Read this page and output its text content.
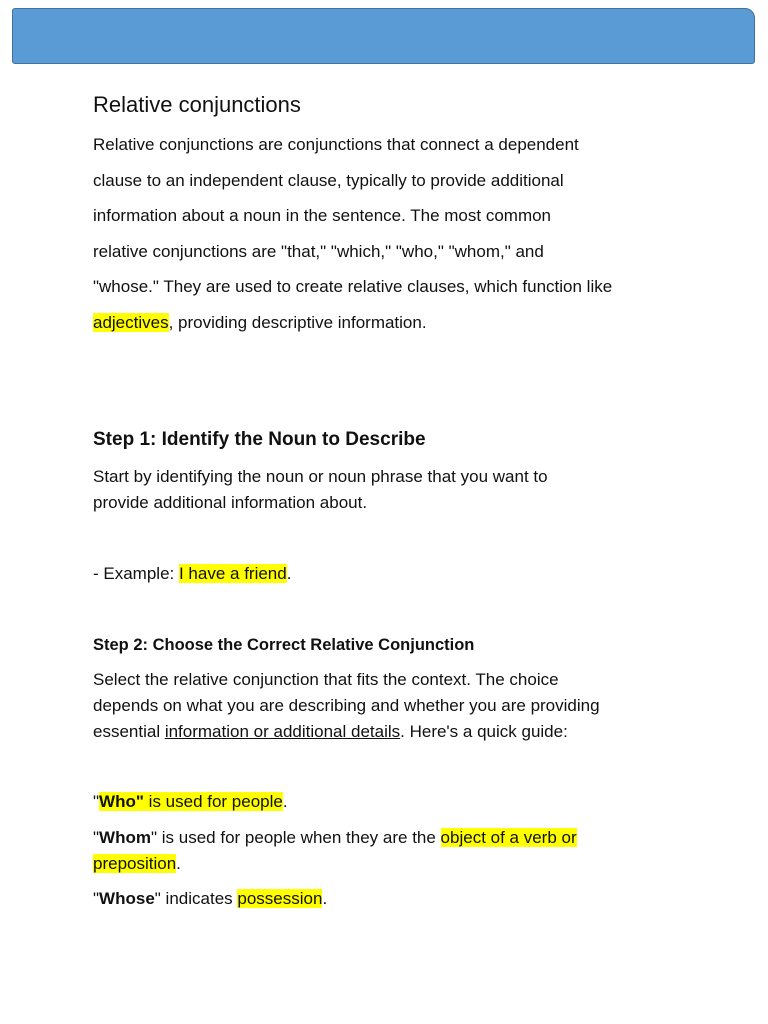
Relative conjunctions

Relative conjunctions are conjunctions that connect a dependent

clause to an independent clause, typically to provide additional

information about a noun in the sentence. The most common

relative conjunctions are "that," "which," "who," "whom," and

"whose." They are used to create relative clauses, which function like

adjectives, providing descriptive information.

Step 1: Identify the Noun to Describe

Start by identifying the noun or noun phrase that you want to

provide additional information about.

- Example: I have a friend.
Step 2: Choose the Correct Relative Conjunction

Select the relative conjunction that fits the context. The choice

depends on what you are describing and whether you are providing

essential information or additional details. Here's a quick guide:

"Who" is used for people.
"Whom" is used for people when they are the object of a verb or
preposition.
"Whose" indicates possession.
